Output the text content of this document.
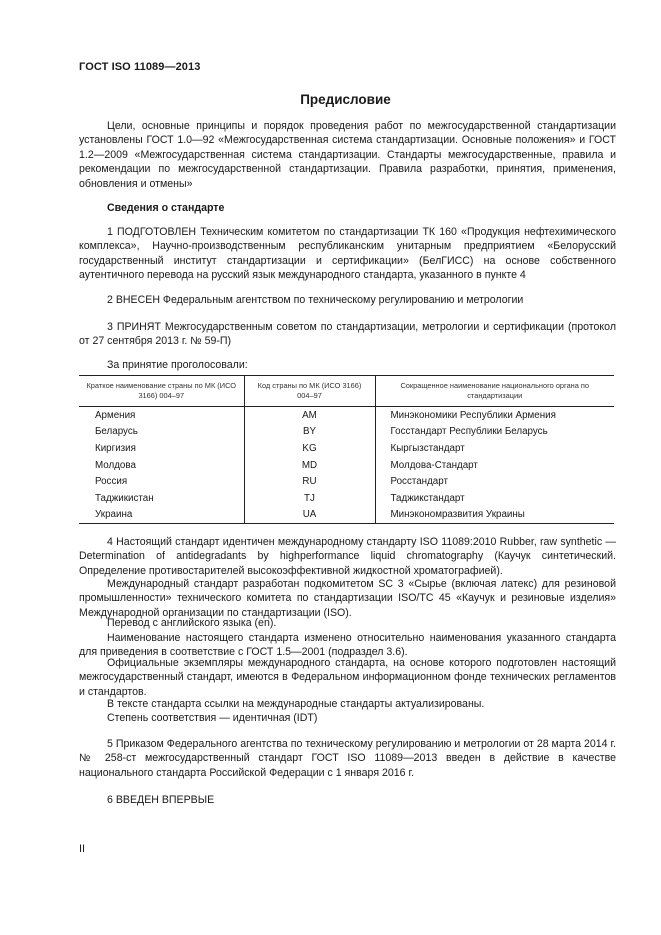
ГОСТ ISO 11089—2013
Предисловие
Цели, основные принципы и порядок проведения работ по межгосударственной стандартизации установлены ГОСТ 1.0—92 «Межгосударственная система стандартизации. Основные положения» и ГОСТ 1.2—2009 «Межгосударственная система стандартизации. Стандарты межгосударственные, правила и рекомендации по межгосударственной стандартизации. Правила разработки, принятия, применения, обновления и отмены»
Сведения о стандарте
1 ПОДГОТОВЛЕН Техническим комитетом по стандартизации ТК 160 «Продукция нефтехимического комплекса», Научно-производственным республиканским унитарным предприятием «Белорусский государственный институт стандартизации и сертификации» (БелГИСС) на основе собственного аутентичного перевода на русский язык международного стандарта, указанного в пункте 4
2 ВНЕСЕН Федеральным агентством по техническому регулированию и метрологии
3 ПРИНЯТ Межгосударственным советом по стандартизации, метрологии и сертификации (протокол от 27 сентября 2013 г. № 59-П)
За принятие проголосовали:
Краткое наименование страны по МК (ИСО 3166) 004–97	Код страны по МК (ИСО 3166) 004–97	Сокращенное наименование национального органа по стандартизации
Армения	AM	Минэкономики Республики Армения
Беларусь	BY	Госстандарт Республики Беларусь
Киргизия	KG	Кыргызстандарт
Молдова	MD	Молдова-Стандарт
Россия	RU	Росстандарт
Таджикистан	TJ	Таджикстандарт
Украина	UA	Минэкономразвития Украины
4 Настоящий стандарт идентичен международному стандарту ISO 11089:2010 Rubber, raw synthetic — Determination of antidegradants by highperformance liquid chromatography (Каучук синтетический. Определение противостарителей высокоэффективной жидкостной хроматографией).
Международный стандарт разработан подкомитетом SC 3 «Сырье (включая латекс) для резиновой промышленности» технического комитета по стандартизации ISO/TC 45 «Каучук и резиновые изделия» Международной организации по стандартизации (ISO).
Перевод с английского языка (en).
Наименование настоящего стандарта изменено относительно наименования указанного стандарта для приведения в соответствие с ГОСТ 1.5—2001 (подраздел 3.6).
Официальные экземпляры международного стандарта, на основе которого подготовлен настоящий межгосударственный стандарт, имеются в Федеральном информационном фонде технических регламентов и стандартов.
В тексте стандарта ссылки на международные стандарты актуализированы.
Степень соответствия — идентичная (IDT)
5 Приказом Федерального агентства по техническому регулированию и метрологии от 28 марта 2014 г. № 258-ст межгосударственный стандарт ГОСТ ISO 11089—2013 введен в действие в качестве национального стандарта Российской Федерации с 1 января 2016 г.
6 ВВЕДЕН ВПЕРВЫЕ
II
